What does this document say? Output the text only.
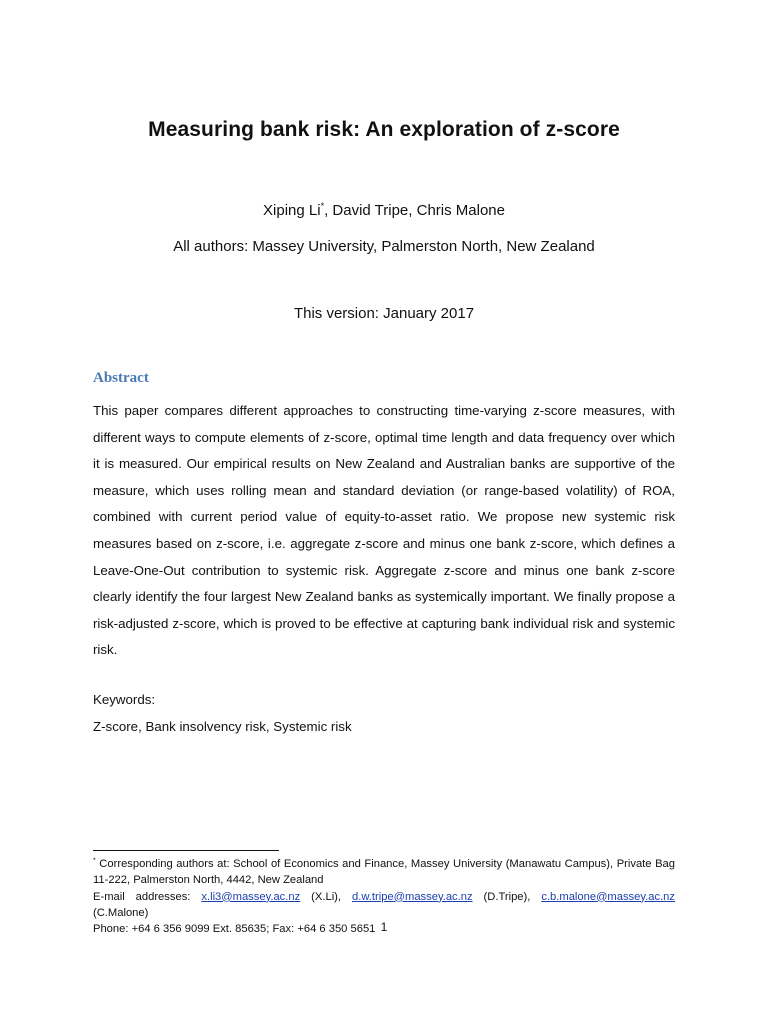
Measuring bank risk: An exploration of z-score
Xiping Li*, David Tripe, Chris Malone
All authors: Massey University, Palmerston North, New Zealand
This version: January 2017
Abstract
This paper compares different approaches to constructing time-varying z-score measures, with different ways to compute elements of z-score, optimal time length and data frequency over which it is measured. Our empirical results on New Zealand and Australian banks are supportive of the measure, which uses rolling mean and standard deviation (or range-based volatility) of ROA, combined with current period value of equity-to-asset ratio. We propose new systemic risk measures based on z-score, i.e. aggregate z-score and minus one bank z-score, which defines a Leave-One-Out contribution to systemic risk. Aggregate z-score and minus one bank z-score clearly identify the four largest New Zealand banks as systemically important. We finally propose a risk-adjusted z-score, which is proved to be effective at capturing bank individual risk and systemic risk.
Keywords:
Z-score, Bank insolvency risk, Systemic risk
* Corresponding authors at: School of Economics and Finance, Massey University (Manawatu Campus), Private Bag 11-222, Palmerston North, 4442, New Zealand
E-mail addresses: x.li3@massey.ac.nz (X.Li), d.w.tripe@massey.ac.nz (D.Tripe), c.b.malone@massey.ac.nz (C.Malone)
Phone: +64 6 356 9099 Ext. 85635; Fax: +64 6 350 5651 1
